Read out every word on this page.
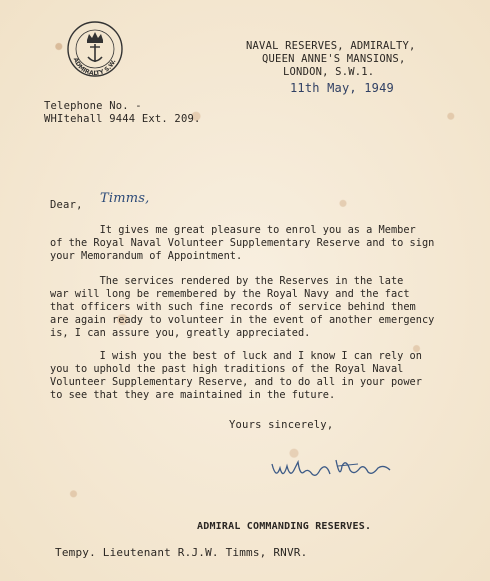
ADMIRALTY S.W.
NAVAL RESERVES, ADMIRALTY,
QUEEN ANNE'S MANSIONS,
LONDON, S.W.1.
11th May, 1949
Telephone No. -
WHItehall 9444 Ext. 209.
Dear, Timms,
It gives me great pleasure to enrol you as a Member
of the Royal Naval Volunteer Supplementary Reserve and to sign
your Memorandum of Appointment.
The services rendered by the Reserves in the late
war will long be remembered by the Royal Navy and the fact
that officers with such fine records of service behind them
are again ready to volunteer in the event of another emergency
is, I can assure you, greatly appreciated.
I wish you the best of luck and I know I can rely on
you to uphold the past high traditions of the Royal Naval
Volunteer Supplementary Reserve, and to do all in your power
to see that they are maintained in the future.
Yours sincerely,
ADMIRAL COMMANDING RESERVES.
Tempy. Lieutenant R.J.W. Timms, RNVR.
